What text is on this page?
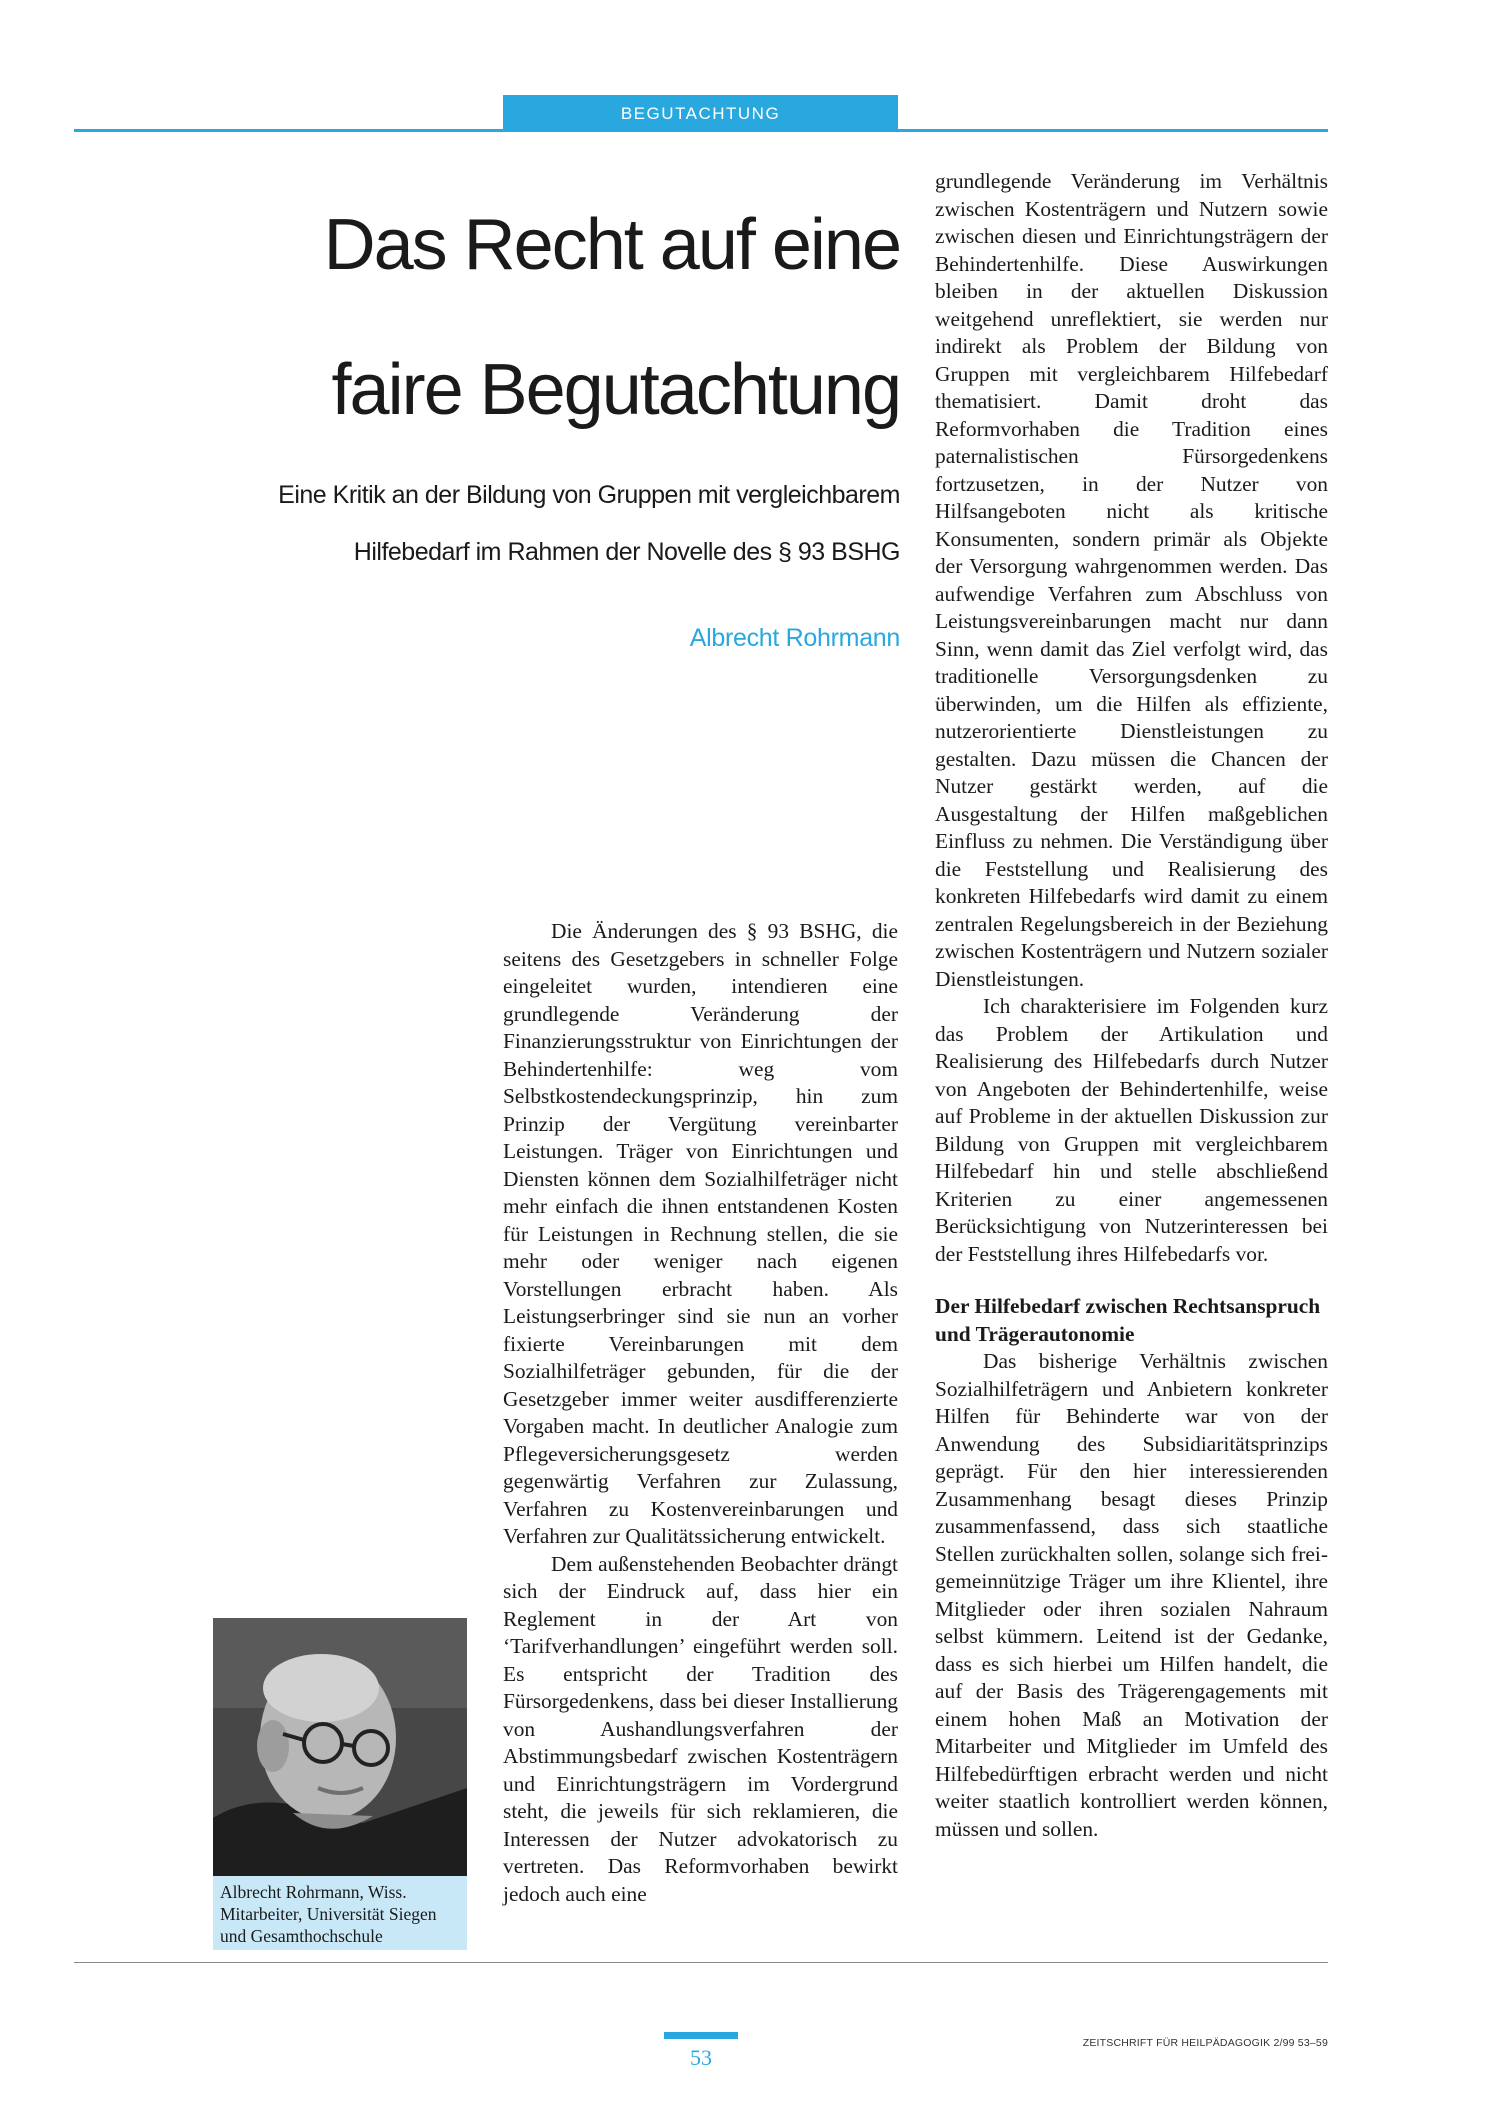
BEGUTACHTUNG
Das Recht auf eine
faire Begutachtung

Eine Kritik an der Bildung von Gruppen mit vergleichbarem

Hilfebedarf im Rahmen der Novelle des § 93 BSHG

Albrecht Rohrmann
Albrecht Rohrmann, Wiss. Mitarbeiter, Universität Siegen und Gesamthochschule

Die Änderungen des § 93 BSHG, die seitens des Gesetzgebers in schneller Folge eingeleitet wurden, intendieren eine grundlegende Veränderung der Finanzierungsstruktur von Einrichtungen der Behindertenhilfe: weg vom Selbstkostendeckungsprinzip, hin zum Prinzip der Vergütung vereinbarter Leistungen. Träger von Einrichtungen und Diensten können dem Sozialhilfeträger nicht mehr einfach die ihnen entstandenen Kosten für Leistungen in Rechnung stellen, die sie mehr oder weniger nach eigenen Vorstellungen erbracht haben. Als Leistungserbringer sind sie nun an vorher fixierte Vereinbarungen mit dem Sozialhilfeträger gebunden, für die der Gesetzgeber immer weiter ausdifferenzierte Vorgaben macht. In deutlicher Analogie zum Pflegeversicherungsgesetz werden gegenwärtig Verfahren zur Zulassung, Verfahren zu Kostenvereinbarungen und Verfahren zur Qualitätssicherung entwickelt.

Dem außenstehenden Beobachter drängt sich der Eindruck auf, dass hier ein Reglement in der Art von ‘Tarifverhandlungen’ eingeführt werden soll. Es entspricht der Tradition des Fürsorgedenkens, dass bei dieser Installierung von Aushandlungsverfahren der Abstimmungsbedarf zwischen Kostenträgern und Einrichtungsträgern im Vordergrund steht, die jeweils für sich reklamieren, die Interessen der Nutzer advokatorisch zu vertreten. Das Reformvorhaben bewirkt jedoch auch eine

grundlegende Veränderung im Verhältnis zwischen Kostenträgern und Nutzern sowie zwischen diesen und Einrichtungsträgern der Behindertenhilfe. Diese Auswirkungen bleiben in der aktuellen Diskussion weitgehend unreflektiert, sie werden nur indirekt als Problem der Bildung von Gruppen mit vergleichbarem Hilfebedarf thematisiert. Damit droht das Reformvorhaben die Tradition eines paternalistischen Fürsorgedenkens fortzusetzen, in der Nutzer von Hilfsangeboten nicht als kritische Konsumenten, sondern primär als Objekte der Versorgung wahrgenommen werden. Das aufwendige Verfahren zum Abschluss von Leistungsvereinbarungen macht nur dann Sinn, wenn damit das Ziel verfolgt wird, das traditionelle Versorgungsdenken zu überwinden, um die Hilfen als effiziente, nutzerorientierte Dienstleistungen zu gestalten. Dazu müssen die Chancen der Nutzer gestärkt werden, auf die Ausgestaltung der Hilfen maßgeblichen Einfluss zu nehmen. Die Verständigung über die Feststellung und Realisierung des konkreten Hilfebedarfs wird damit zu einem zentralen Regelungsbereich in der Beziehung zwischen Kostenträgern und Nutzern sozialer Dienstleistungen.

Ich charakterisiere im Folgenden kurz das Problem der Artikulation und Realisierung des Hilfebedarfs durch Nutzer von Angeboten der Behindertenhilfe, weise auf Probleme in der aktuellen Diskussion zur Bildung von Gruppen mit vergleichbarem Hilfebedarf hin und stelle abschließend Kriterien zu einer angemessenen Berücksichtigung von Nutzerinteressen bei der Feststellung ihres Hilfebedarfs vor.

Der Hilfebedarf zwischen Rechtsanspruch und Trägerautonomie

Das bisherige Verhältnis zwischen Sozialhilfeträgern und Anbietern konkreter Hilfen für Behinderte war von der Anwendung des Subsidiaritätsprinzips geprägt. Für den hier interessierenden Zusammenhang besagt dieses Prinzip zusammenfassend, dass sich staatliche Stellen zurückhalten sollen, solange sich frei-gemeinnützige Träger um ihre Klientel, ihre Mitglieder oder ihren sozialen Nahraum selbst kümmern. Leitend ist der Gedanke, dass es sich hierbei um Hilfen handelt, die auf der Basis des Trägerengagements mit einem hohen Maß an Motivation der Mitarbeiter und Mitglieder im Umfeld des Hilfebedürftigen erbracht werden und nicht weiter staatlich kontrolliert werden können, müssen und sollen.

53
ZEITSCHRIFT FÜR HEILPÄDAGOGIK 2/99 53–59
